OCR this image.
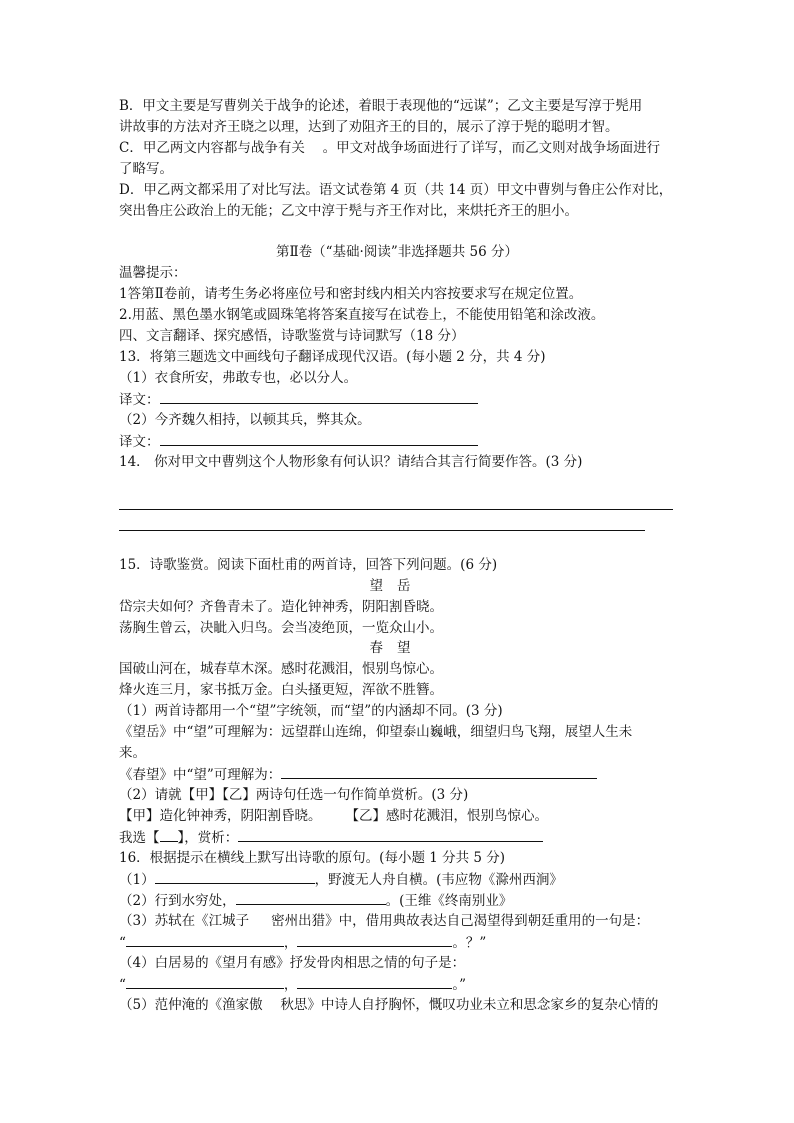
B．甲文主要是写曹刿关于战争的论述，着眼于表现他的“远谋”；乙文主要是写淳于髡用
讲故事的方法对齐王晓之以理，达到了劝阻齐王的目的，展示了淳于髡的聪明才智。
C．甲乙两文内容都与战争有关 　。甲文对战争场面进行了详写，而乙文则对战争场面进行
了略写。
D．甲乙两文都采用了对比写法。语文试卷第 4 页（共 14 页）甲文中曹刿与鲁庄公作对比，
突出鲁庄公政治上的无能；乙文中淳于髡与齐王作对比，来烘托齐王的胆小。
第Ⅱ卷（“基础·阅读”非选择题共 56 分）
温馨提示：
1答第Ⅱ卷前，请考生务必将座位号和密封线内相关内容按要求写在规定位置。
2.用蓝、黑色墨水钢笔或圆珠笔将答案直接写在试卷上，不能使用铅笔和涂改液。
四、文言翻译、探究感悟，诗歌鉴赏与诗词默写（18 分）
13．将第三题选文中画线句子翻译成现代汉语。(每小题 2 分，共 4 分)
（1）衣食所安，弗敢专也，必以分人。
译文：
（2）今齐魏久相持，以顿其兵，弊其众。
译文：
14． 你对甲文中曹刿这个人物形象有何认识？请结合其言行简要作答。(3 分)
15．诗歌鉴赏。阅读下面杜甫的两首诗，回答下列问题。(6 分)
望岳
岱宗夫如何？齐鲁青未了。造化钟神秀，阴阳割昏晓。
荡胸生曾云，决眦入归鸟。会当凌绝顶，一览众山小。
春望
国破山河在，城春草木深。感时花溅泪，恨别鸟惊心。
烽火连三月，家书抵万金。白头搔更短，浑欲不胜簪。
（1）两首诗都用一个“望”字统领，而“望”的内涵却不同。(3 分)
《望岳》中“望”可理解为：远望群山连绵，仰望泰山巍峨，细望归鸟飞翔，展望人生未
来。
《春望》中“望”可理解为：
（2）请就【甲】【乙】两诗句任选一句作简单赏析。(3 分)
【甲】造化钟神秀，阴阳割昏晓。 【乙】感时花溅泪，恨别鸟惊心。
我选【 】，赏析：
16．根据提示在横线上默写出诗歌的原句。(每小题 1 分共 5 分)
（1）	，野渡无人舟自横。(韦应物《滁州西涧》
（2）行到水穷处，	。(王维《终南别业》
（3）苏轼在《江城子 　 密州出猎》中，借用典故表达自己渴望得到朝廷重用的一句是：
“	，	。？”
（4）白居易的《望月有感》抒发骨肉相思之情的句子是：
“	，	。”
（5）范仲淹的《渔家傲 　秋思》中诗人自抒胸怀，慨叹功业未立和思念家乡的复杂心情的
